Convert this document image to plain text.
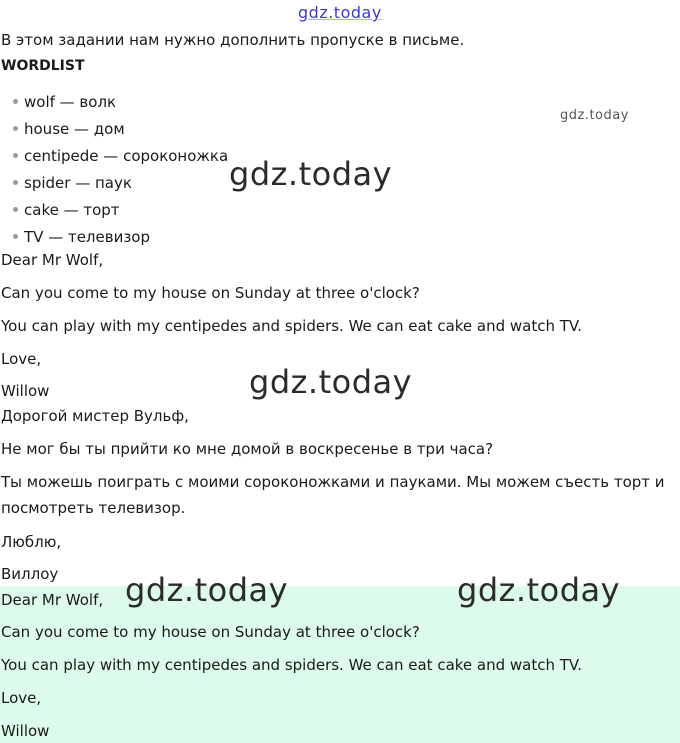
gdz.today
В этом задании нам нужно дополнить пропуске в письме.
WORDLIST
wolf — волк
house — дом
centipede — сороконожка
spider — паук
cake — торт
TV — телевизор
gdz.today
gdz.today
Dear Mr Wolf,
Can you come to my house on Sunday at three o'clock?
You can play with my centipedes and spiders. We can eat cake and watch TV.
Love,
Willow	gdz.today
Дорогой мистер Вульф,
Не мог бы ты прийти ко мне домой в воскресенье в три часа?
Ты можешь поиграть с моими сороконожками и пауками. Мы можем съесть торт и
посмотреть телевизор.
Люблю,
Виллоу
Dear Mr Wolf, gdz.today	gdz.today
Can you come to my house on Sunday at three o'clock?
You can play with my centipedes and spiders. We can eat cake and watch TV.
Love,
Willow
